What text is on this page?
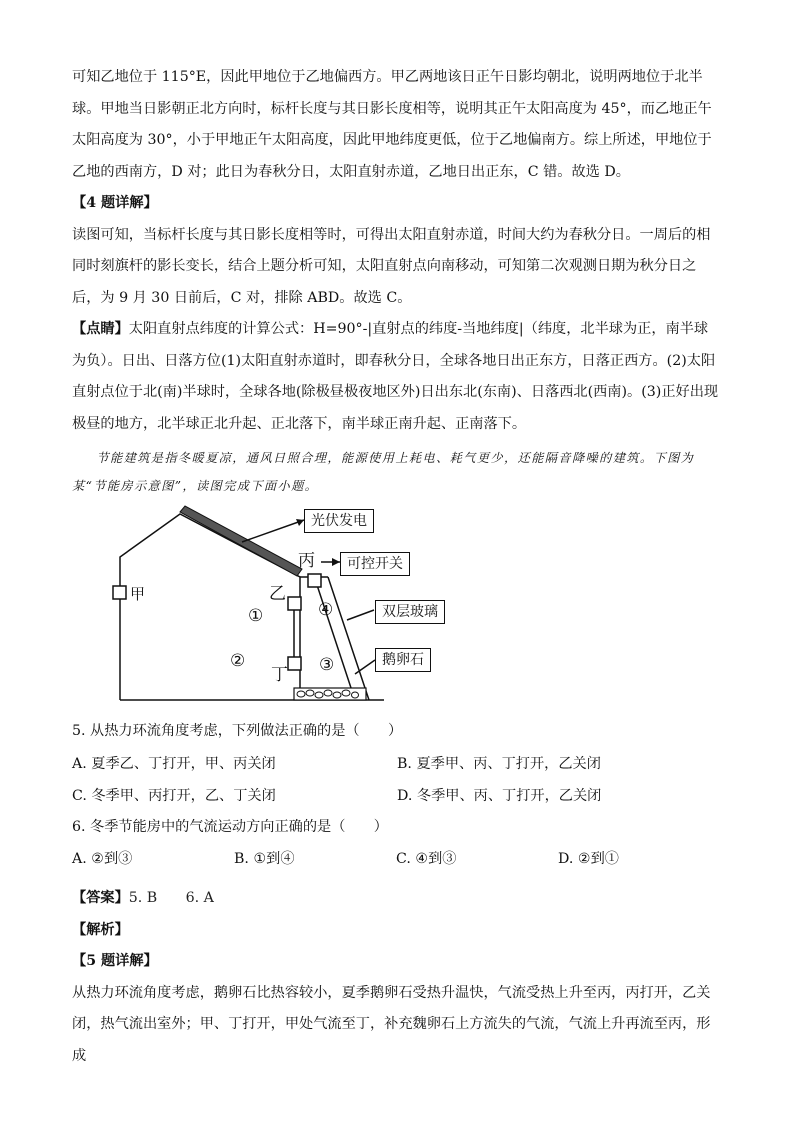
可知乙地位于 115°E，因此甲地位于乙地偏西方。甲乙两地该日正午日影均朝北，说明两地位于北半球。甲地当日影朝正北方向时，标杆长度与其日影长度相等，说明其正午太阳高度为 45°，而乙地正午太阳高度为 30°，小于甲地正午太阳高度，因此甲地纬度更低，位于乙地偏南方。综上所述，甲地位于乙地的西南方，D 对；此日为春秋分日，太阳直射赤道，乙地日出正东，C 错。故选 D。

【4 题详解】

读图可知，当标杆长度与其日影长度相等时，可得出太阳直射赤道，时间大约为春秋分日。一周后的相同时刻旗杆的影长变长，结合上题分析可知，太阳直射点向南移动，可知第二次观测日期为秋分日之后，为 9 月 30 日前后，C 对，排除 ABD。故选 C。

【点睛】太阳直射点纬度的计算公式：H=90°-|直射点的纬度-当地纬度|（纬度，北半球为正，南半球为负）。日出、日落方位(1)太阳直射赤道时，即春秋分日，全球各地日出正东方，日落正西方。(2)太阳直射点位于北(南)半球时，全球各地(除极昼极夜地区外)日出东北(东南)、日落西北(西南)。(3)正好出现极昼的地方，北半球正北升起、正北落下，南半球正南升起、正南落下。

节能建筑是指冬暖夏凉，通风日照合理，能源使用上耗电、耗气更少，还能隔音降噪的建筑。下图为某“节能房示意图”，读图完成下面小题。

光伏发电
可控开关
双层玻璃
鹅卵石
甲	乙
丙
丁
①
②	③
④

5. 从热力环流角度考虑，下列做法正确的是（　　）

A. 夏季乙、丁打开，甲、丙关闭	B. 夏季甲、丙、丁打开，乙关闭
C. 冬季甲、丙打开，乙、丁关闭	D. 冬季甲、丙、丁打开，乙关闭

6. 冬季节能房中的气流运动方向正确的是（　　）

A. ②到③	B. ①到④	C. ④到③	D. ②到①

【答案】5. B　　6. A

【解析】

【5 题详解】

从热力环流角度考虑，鹅卵石比热容较小，夏季鹅卵石受热升温快，气流受热上升至丙，丙打开，乙关闭，热气流出室外；甲、丁打开，甲处气流至丁，补充魏卵石上方流失的气流，气流上升再流至丙，形成
